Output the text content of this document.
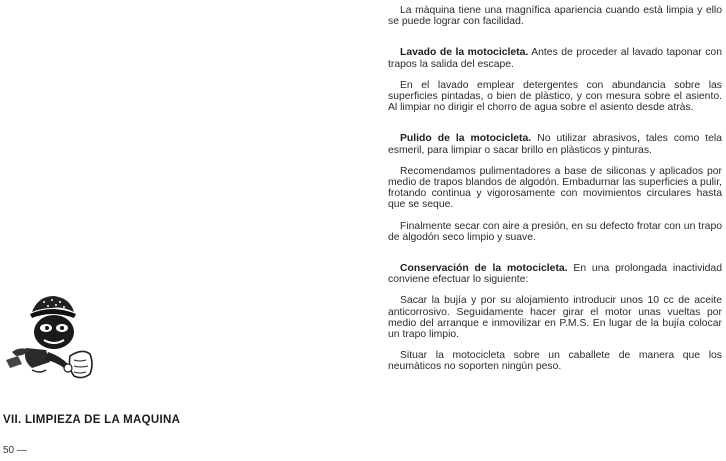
VII. LIMPIEZA DE LA MAQUINA
50 —

La màquina tiene una magnífica apariencia cuando està limpia y ello se puede lograr con facilidad.

Lavado de la motocicleta. Antes de proceder al lavado taponar con trapos la salida del escape.

En el lavado emplear detergentes con abundancia sobre las superficies pintadas, o bien de plàstico, y con mesura sobre el asiento. Al limpiar no dirigir el chorro de agua sobre el asiento desde atràs.

Pulido de la motocicleta. No utilizar abrasivos, tales como tela esmeril, para limpiar o sacar brillo en plàsticos y pinturas.

Recomendamos pulimentadores a base de siliconas y aplicados por medio de trapos blandos de algodón. Embadurnar las superficies a pulir, frotando continua y vigorosamente con movimientos circulares hasta que se seque.

Finalmente secar con aire a presión, en su defecto frotar con un trapo de algodón seco limpio y suave.

Conservación de la motocicleta. En una prolongada inactividad conviene efectuar lo siguiente:

Sacar la bujía y por su alojamiento introducir unos 10 cc de aceite anticorrosivo. Seguidamente hacer girar el motor unas vueltas por medio del arranque e inmovilizar en P.M.S. En lugar de la bujía colocar un trapo limpio.

Situar la motocicleta sobre un caballete de manera que los neumàticos no soporten ningún peso.
